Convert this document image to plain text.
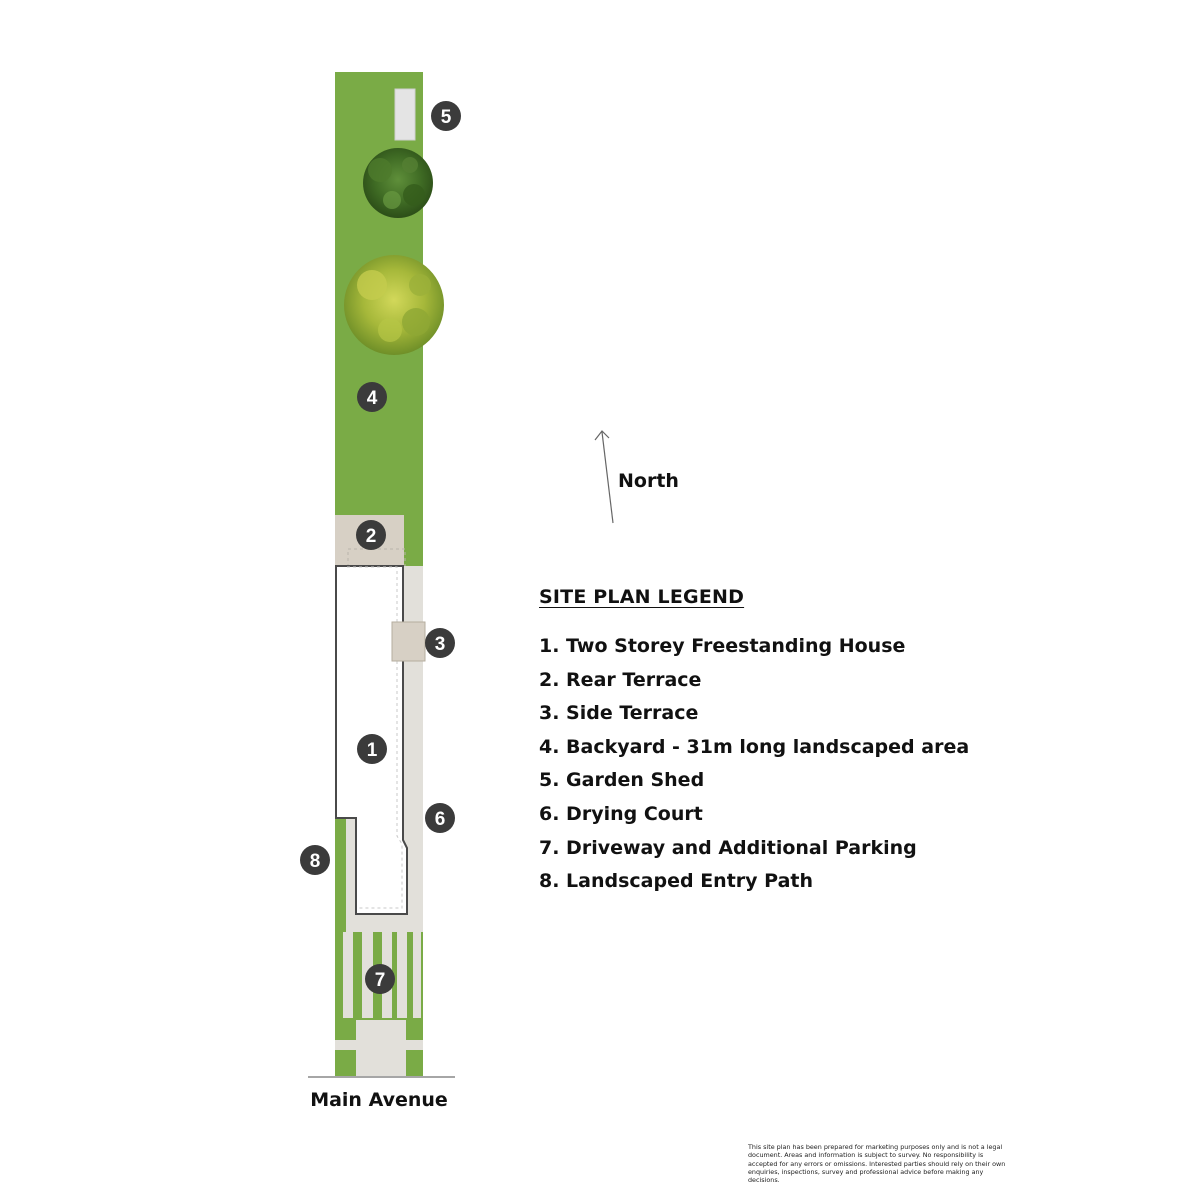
5
4
2
3
1
6
8
7
Main Avenue
North
SITE PLAN LEGEND
1. Two Storey Freestanding House
2. Rear Terrace
3. Side Terrace
4. Backyard - 31m long landscaped area
5. Garden Shed
6. Drying Court
7. Driveway and Additional Parking
8. Landscaped Entry Path
This site plan has been prepared for marketing purposes only and is not a legal document. Areas and information is subject to survey. No responsibility is accepted for any errors or omissions. Interested parties should rely on their own enquiries, inspections, survey and professional advice before making any decisions.
